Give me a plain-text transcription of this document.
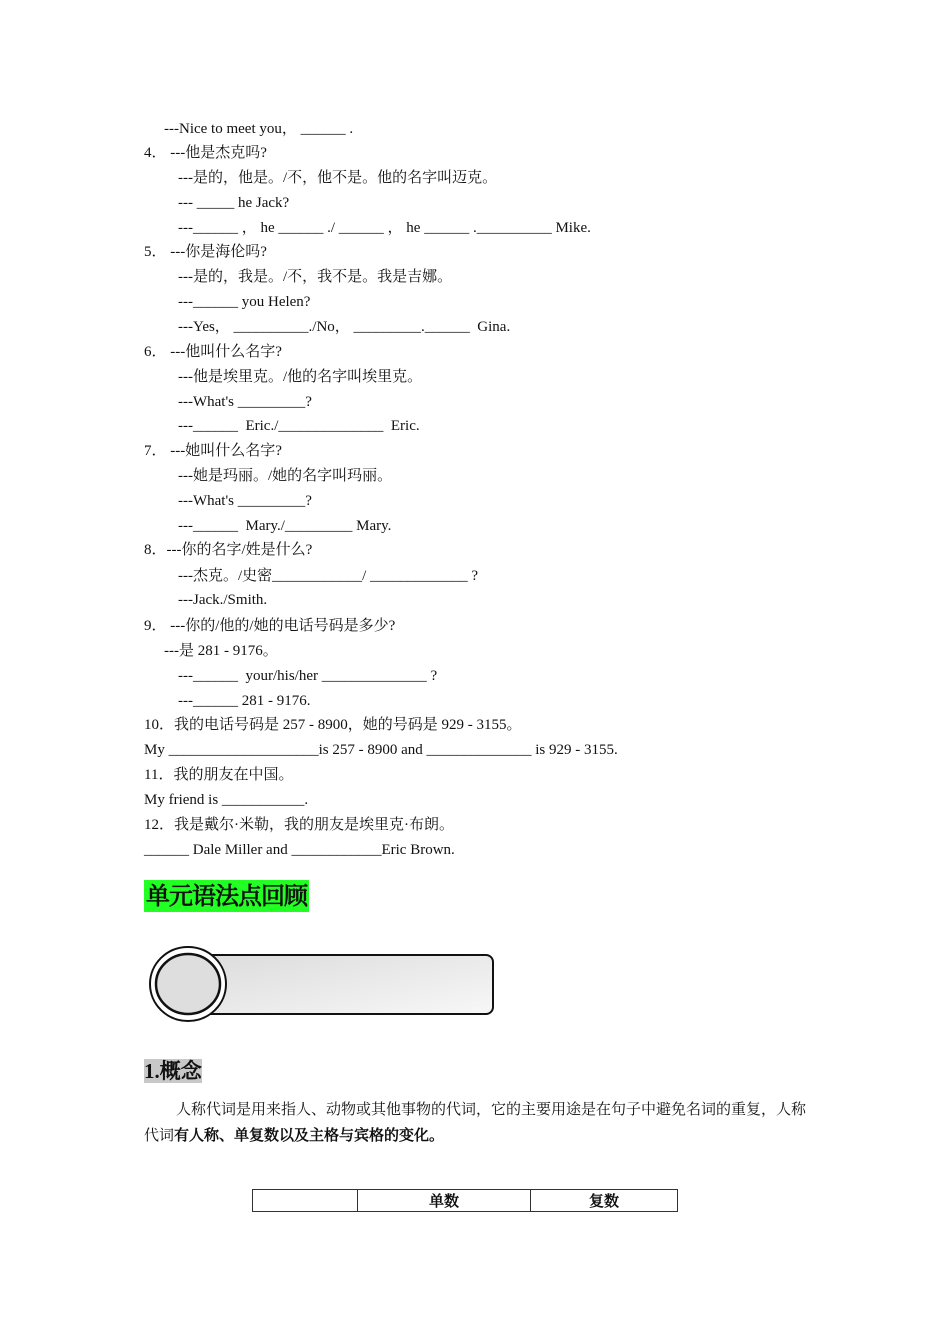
---Nice to meet you， ______ .
4． ---他是杰克吗?
---是的，他是。/不，他不是。他的名字叫迈克。
--- _____ he Jack?
---______ ， he ______ ./ ______ ， he ______ .__________ Mike.
5． ---你是海伦吗?
---是的，我是。/不，我不是。我是吉娜。
---______ you Helen?
---Yes， __________./No， _________.______  Gina.
6． ---他叫什么名字?
---他是埃里克。/他的名字叫埃里克。
---What's _________?
---______  Eric./______________  Eric.
7． ---她叫什么名字?
---她是玛丽。/她的名字叫玛丽。
---What's _________?
---______  Mary./_________ Mary.
8．---你的名字/姓是什么?
---杰克。/史密____________/ _____________ ?
---Jack./Smith.
9． ---你的/他的/她的电话号码是多少?
---是 281 - 9176。
---______  your/his/her ______________ ?
---______ 281 - 9176.
10．我的电话号码是 257 - 8900，她的号码是 929 - 3155。
My ____________________is 257 - 8900 and ______________ is 929 - 3155.
11．我的朋友在中国。
My friend is ___________.
12．我是戴尔·米勒，我的朋友是埃里克·布朗。
______ Dale Miller and ____________Eric Brown.
单元语法点回顾
1.概念
人称代词是用来指人、动物或其他事物的代词，它的主要用途是在句子中避免名词的重复，人称代词有人称、单复数以及主格与宾格的变化。
	单数	复数
